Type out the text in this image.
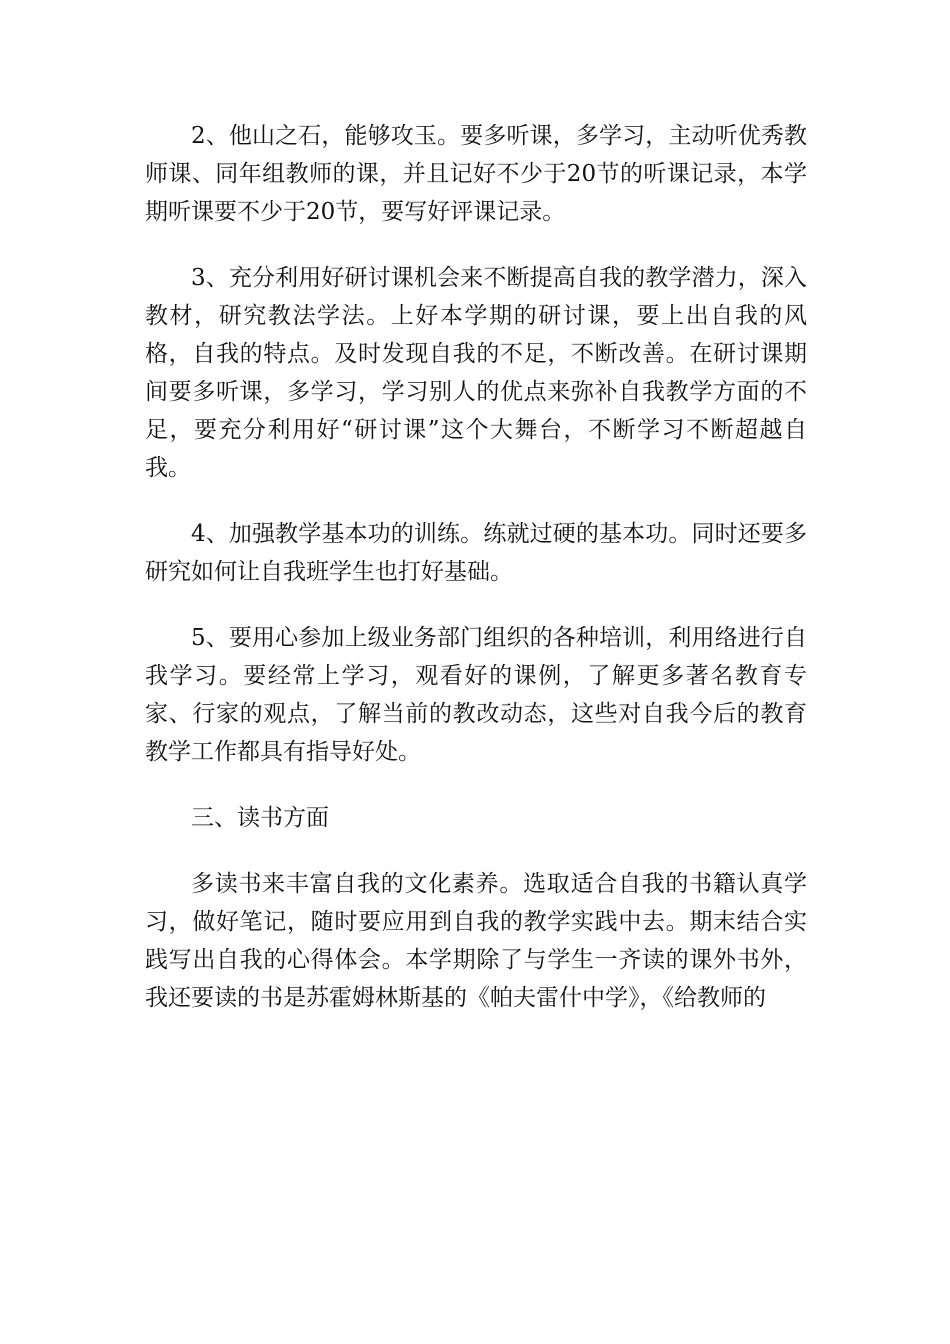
2、他山之石，能够攻玉。要多听课，多学习，主动听优秀教师课、同年组教师的课，并且记好不少于20节的听课记录，本学期听课要不少于20节，要写好评课记录。

3、充分利用好研讨课机会来不断提高自我的教学潜力，深入教材，研究教法学法。上好本学期的研讨课，要上出自我的风格，自我的特点。及时发现自我的不足，不断改善。在研讨课期间要多听课，多学习，学习别人的优点来弥补自我教学方面的不足，要充分利用好“研讨课”这个大舞台，不断学习不断超越自我。

4、加强教学基本功的训练。练就过硬的基本功。同时还要多研究如何让自我班学生也打好基础。

5、要用心参加上级业务部门组织的各种培训，利用络进行自我学习。要经常上学习，观看好的课例，了解更多著名教育专家、行家的观点，了解当前的教改动态，这些对自我今后的教育教学工作都具有指导好处。

三、读书方面

多读书来丰富自我的文化素养。选取适合自我的书籍认真学习，做好笔记，随时要应用到自我的教学实践中去。期末结合实践写出自我的心得体会。本学期除了与学生一齐读的课外书外，我还要读的书是苏霍姆林斯基的《帕夫雷什中学》，《给教师的
